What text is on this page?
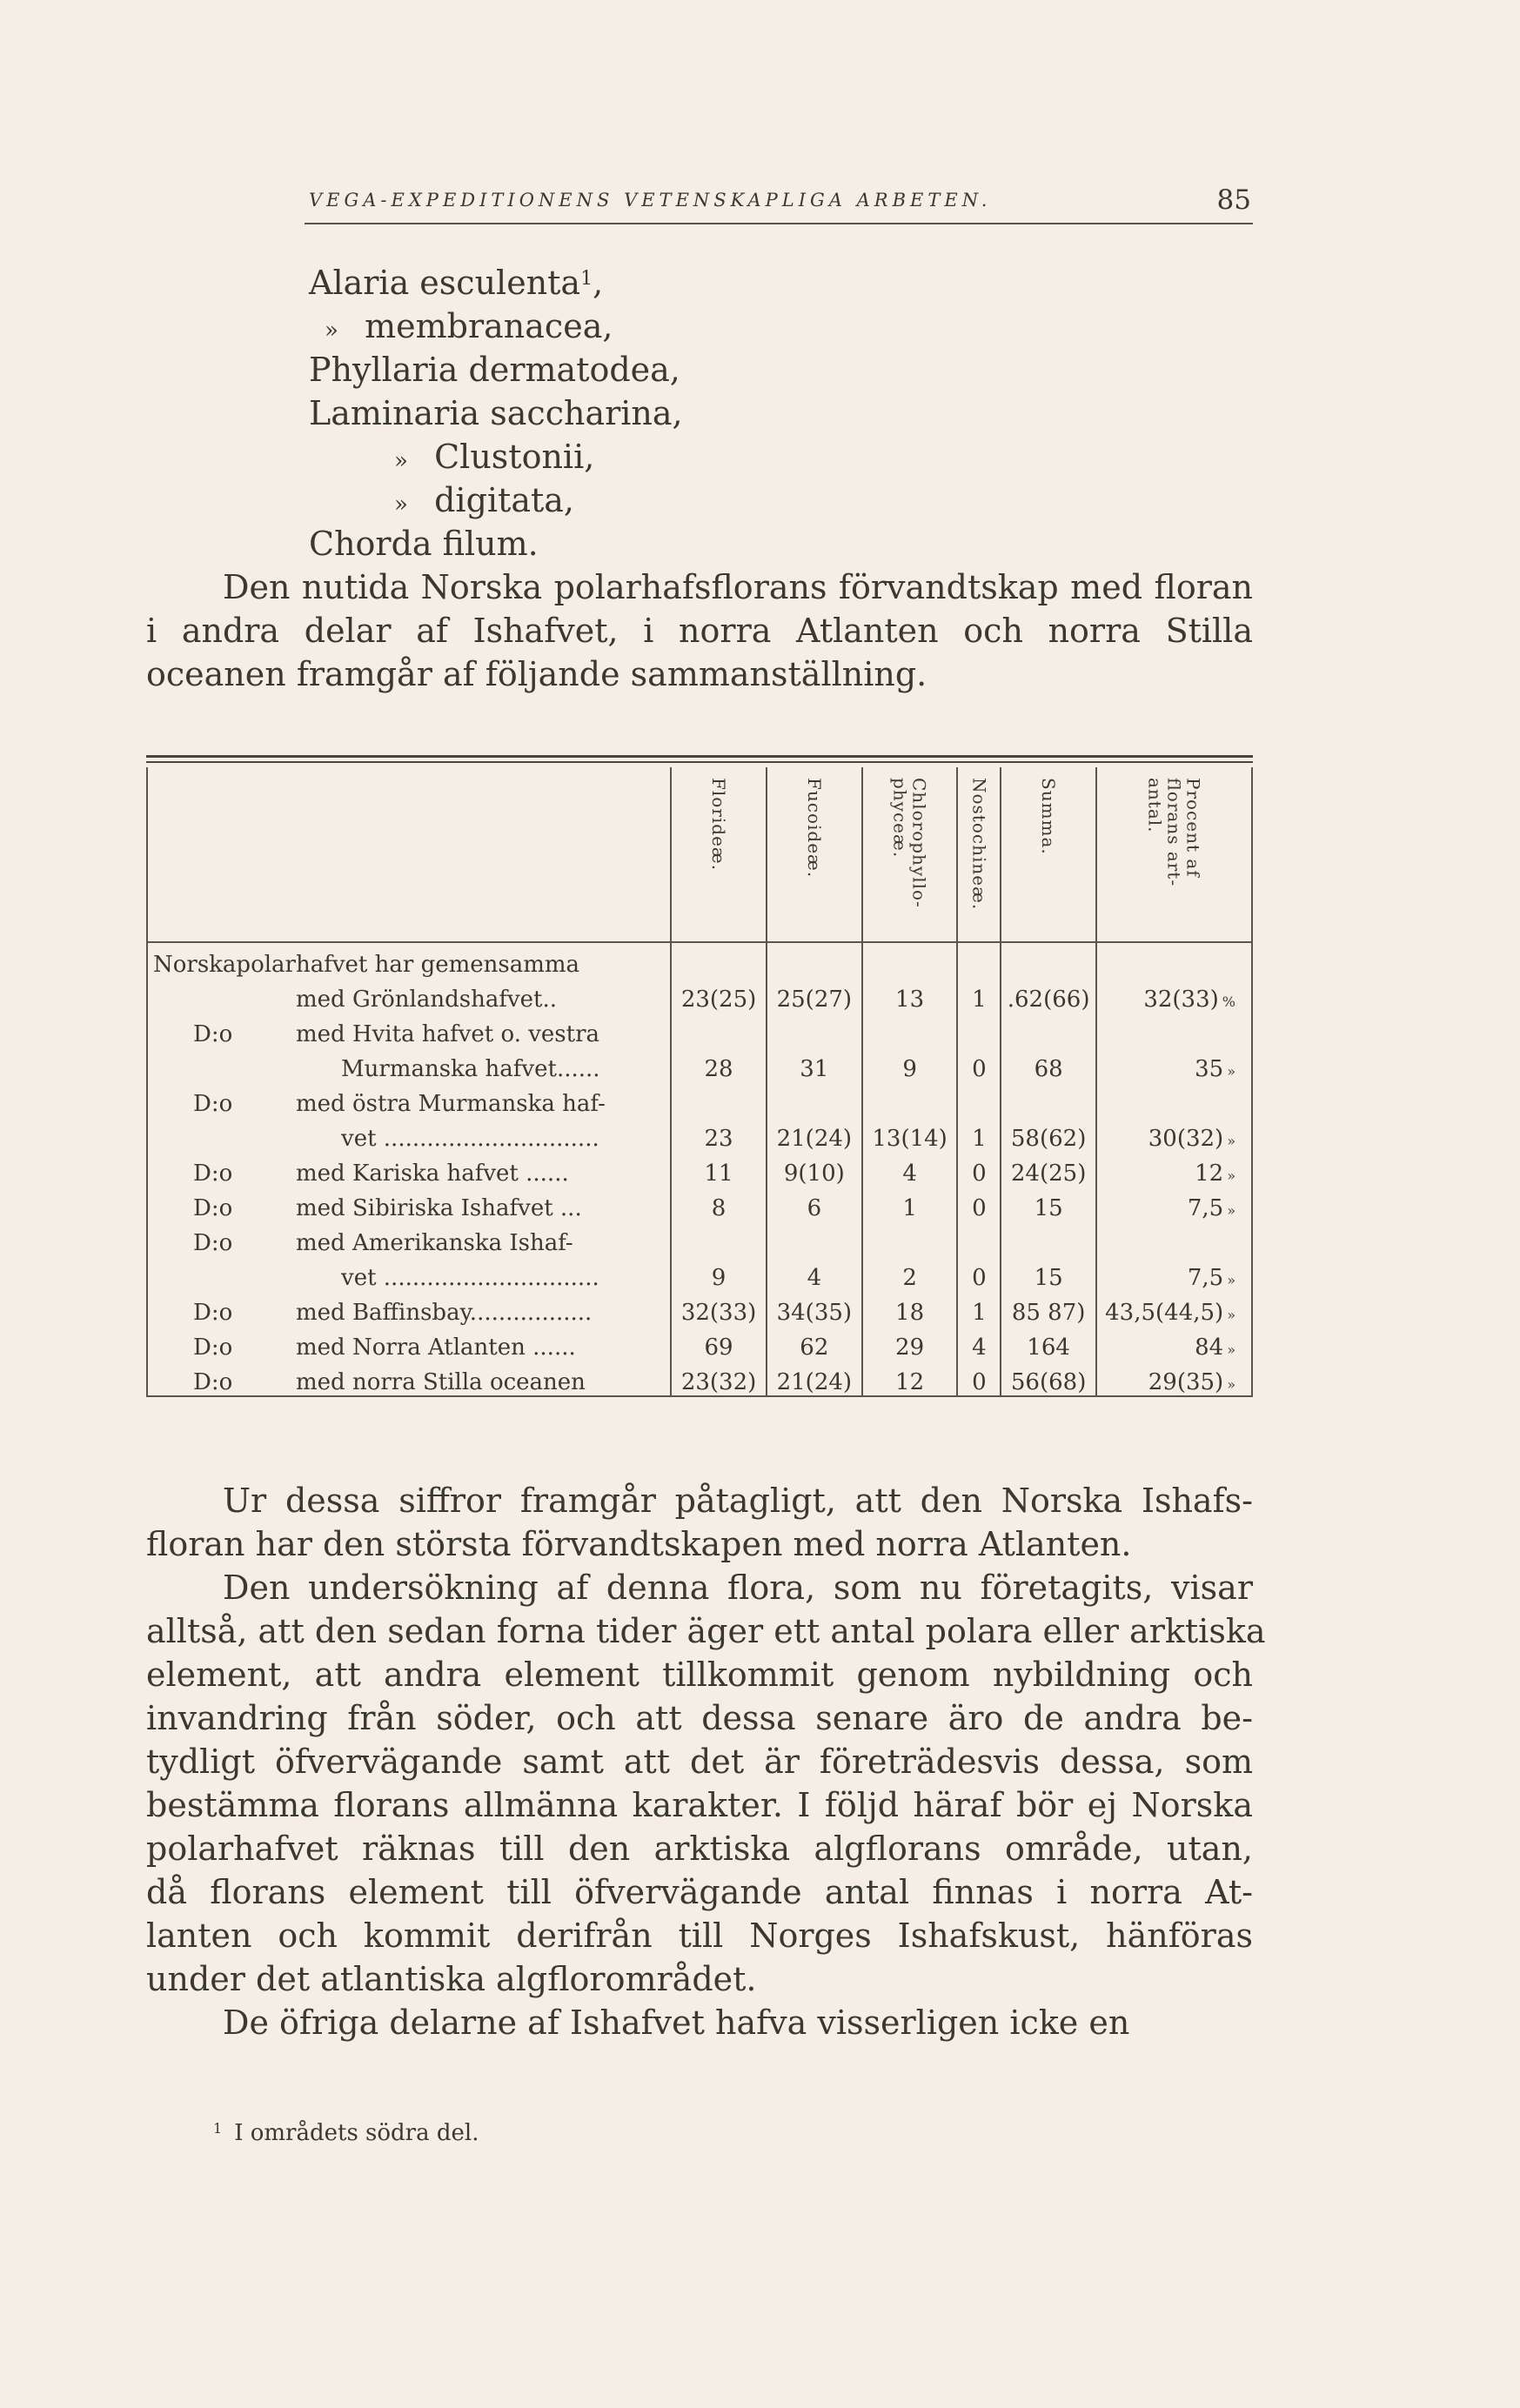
VEGA-EXPEDITIONENS VETENSKAPLIGA ARBETEN.	85
Alaria esculenta$^1$,
» membranacea,
Phyllaria dermatodea,
Laminaria saccharina,
» Clustonii,
» digitata,
Chorda filum.
Den nutida Norska polarhafsflorans förvandtskap med floran
i andra delar af Ishafvet, i norra Atlanten och norra Stilla
oceanen framgår af följande sammanställning.

	Florideæ.	Fucoideæ.	Chlorophyllo-phyceæ.	Nostochineæ.	Summa.	Procent af florans art-antal.

Norskapolarhafvet har gemensamma						
med Grönlandshafvet..	23(25)	25(27)	13	1	.62(66)	32(33) %
D:o med Hvita hafvet o. vestra						
Murmanska hafvet......	28	31	9	0	68	35 »
D:o med östra Murmanska haf-						
vet ..............................	23	21(24)	13(14)	1	58(62)	30(32) »
D:o med Kariska hafvet ......	11	9(10)	4	0	24(25)	12 »
D:o med Sibiriska Ishafvet ...	8	6	1	0	15	7,5 »
D:o med Amerikanska Ishaf-						
vet ..............................	9	4	2	0	15	7,5 »
D:o med Baffinsbay.................	32(33)	34(35)	18	1	85 87)	43,5(44,5) »
D:o med Norra Atlanten ......	69	62	29	4	164	84 »
D:o med norra Stilla oceanen	23(32)	21(24)	12	0	56(68)	29(35) »
Ur dessa siffror framgår påtagligt, att den Norska Ishafs-
floran har den största förvandtskapen med norra Atlanten.
Den undersökning af denna flora, som nu företagits, visar
alltså, att den sedan forna tider äger ett antal polara eller arktiska
element, att andra element tillkommit genom nybildning och
invandring från söder, och att dessa senare äro de andra be-
tydligt öfvervägande samt att det är företrädesvis dessa, som
bestämma florans allmänna karakter. I följd häraf bör ej Norska
polarhafvet räknas till den arktiska algflorans område, utan,
då florans element till öfvervägande antal finnas i norra At-
lanten och kommit derifrån till Norges Ishafskust, hänföras
under det atlantiska algflorområdet.
De öfriga delarne af Ishafvet hafva visserligen icke en
$^1$ I områdets södra del.
